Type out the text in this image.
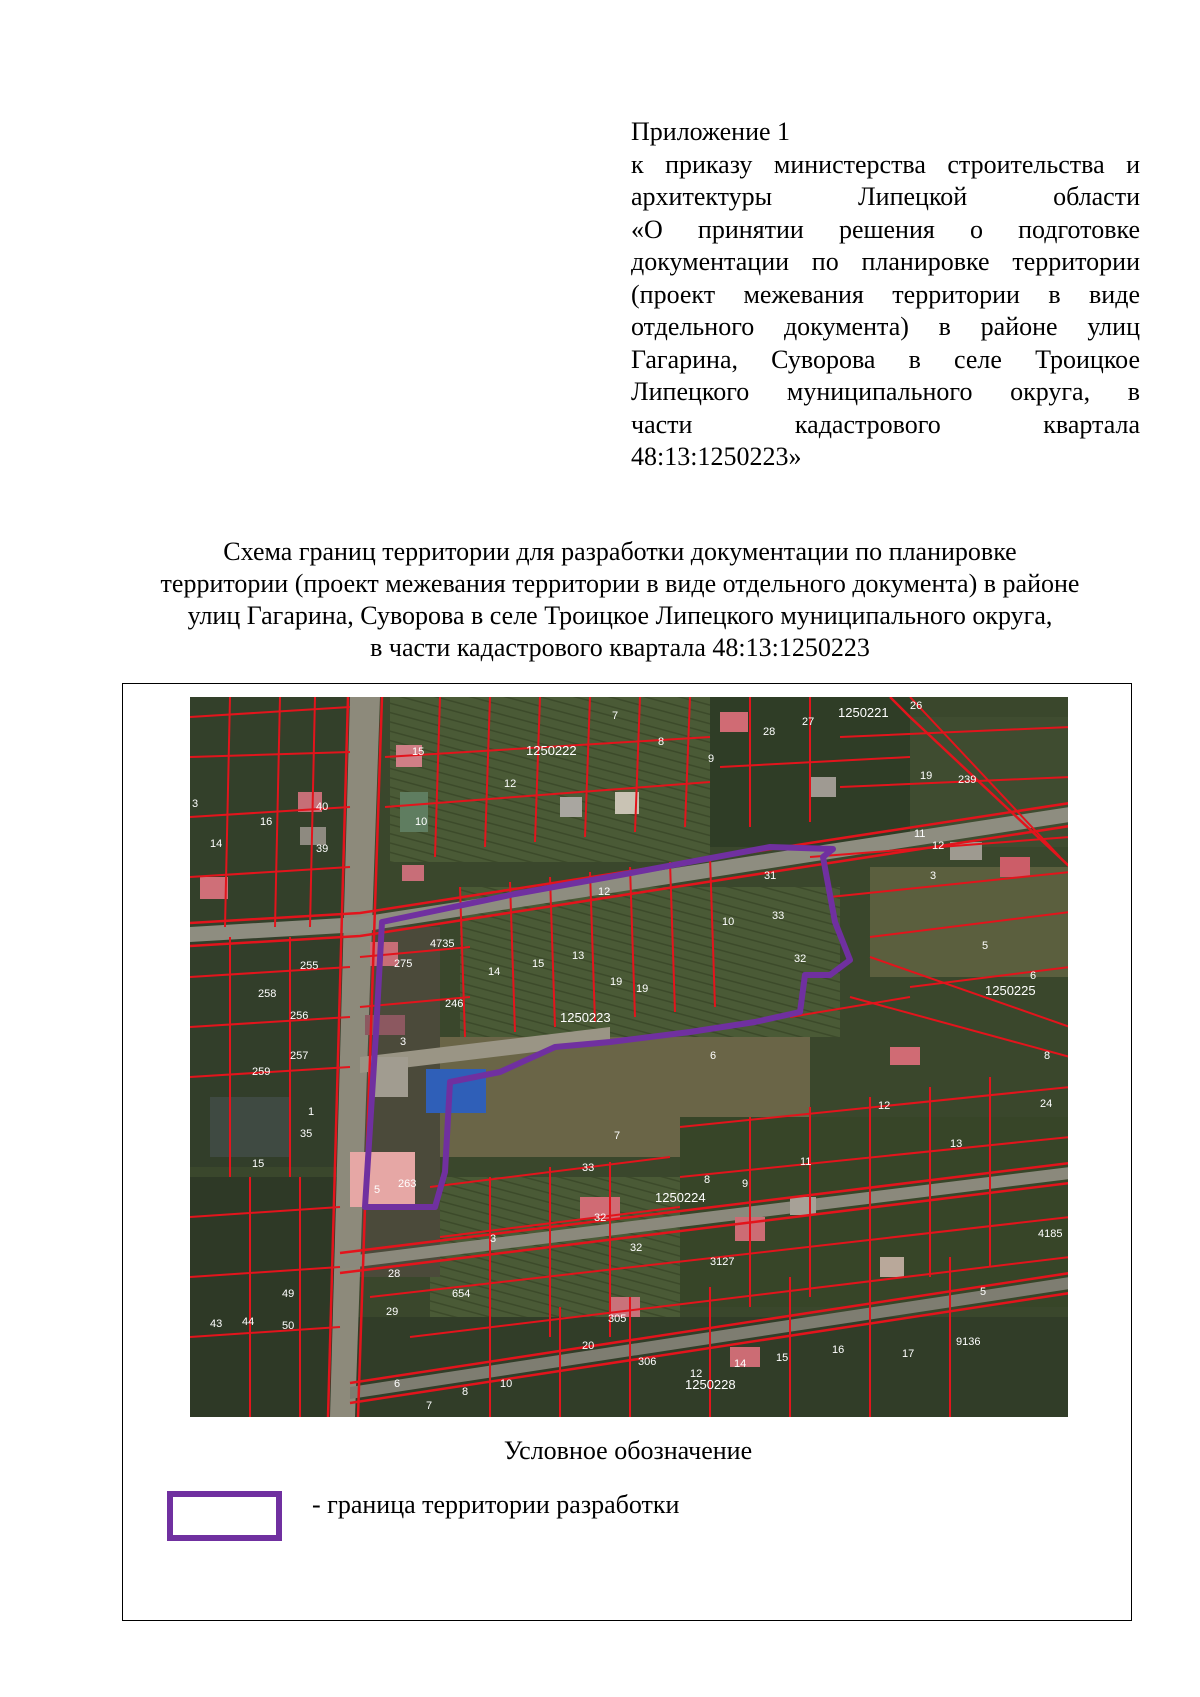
Приложение 1
к приказу министерства строительства и
архитектуры Липецкой области
«О принятии решения о подготовке
документации по планировке территории
(проект межевания территории в виде
отдельного документа) в районе улиц
Гагарина, Суворова в селе Троицкое
Липецкого муниципального округа, в
части кадастрового квартала
48:13:1250223»
Схема границ территории для разработки документации по планировке
территории (проект межевания территории в виде отдельного документа) в районе
улиц Гагарина, Суворова в селе Троицкое Липецкого муниципального округа,
в части кадастрового квартала 48:13:1250223
1250222
1250221
1250223
1250225
1250224
1250228
15
7
8
9
28
27
26
19 239
12
10
40
16
39
14
3
11
12
3
31
12
10	33
5
6
255
258
256
257
259
275
4735
246
14
15
13
19
19
32
3
6	8
24
12
13
35
15	33
8	9
11
263
5
32
32
3127
3
28
49	654
29
4185
5
50
43 44	305
306
20
15
16	17
9136
8
10
6
7
12
14
1
7
Условное обозначение
- граница территории разработки
